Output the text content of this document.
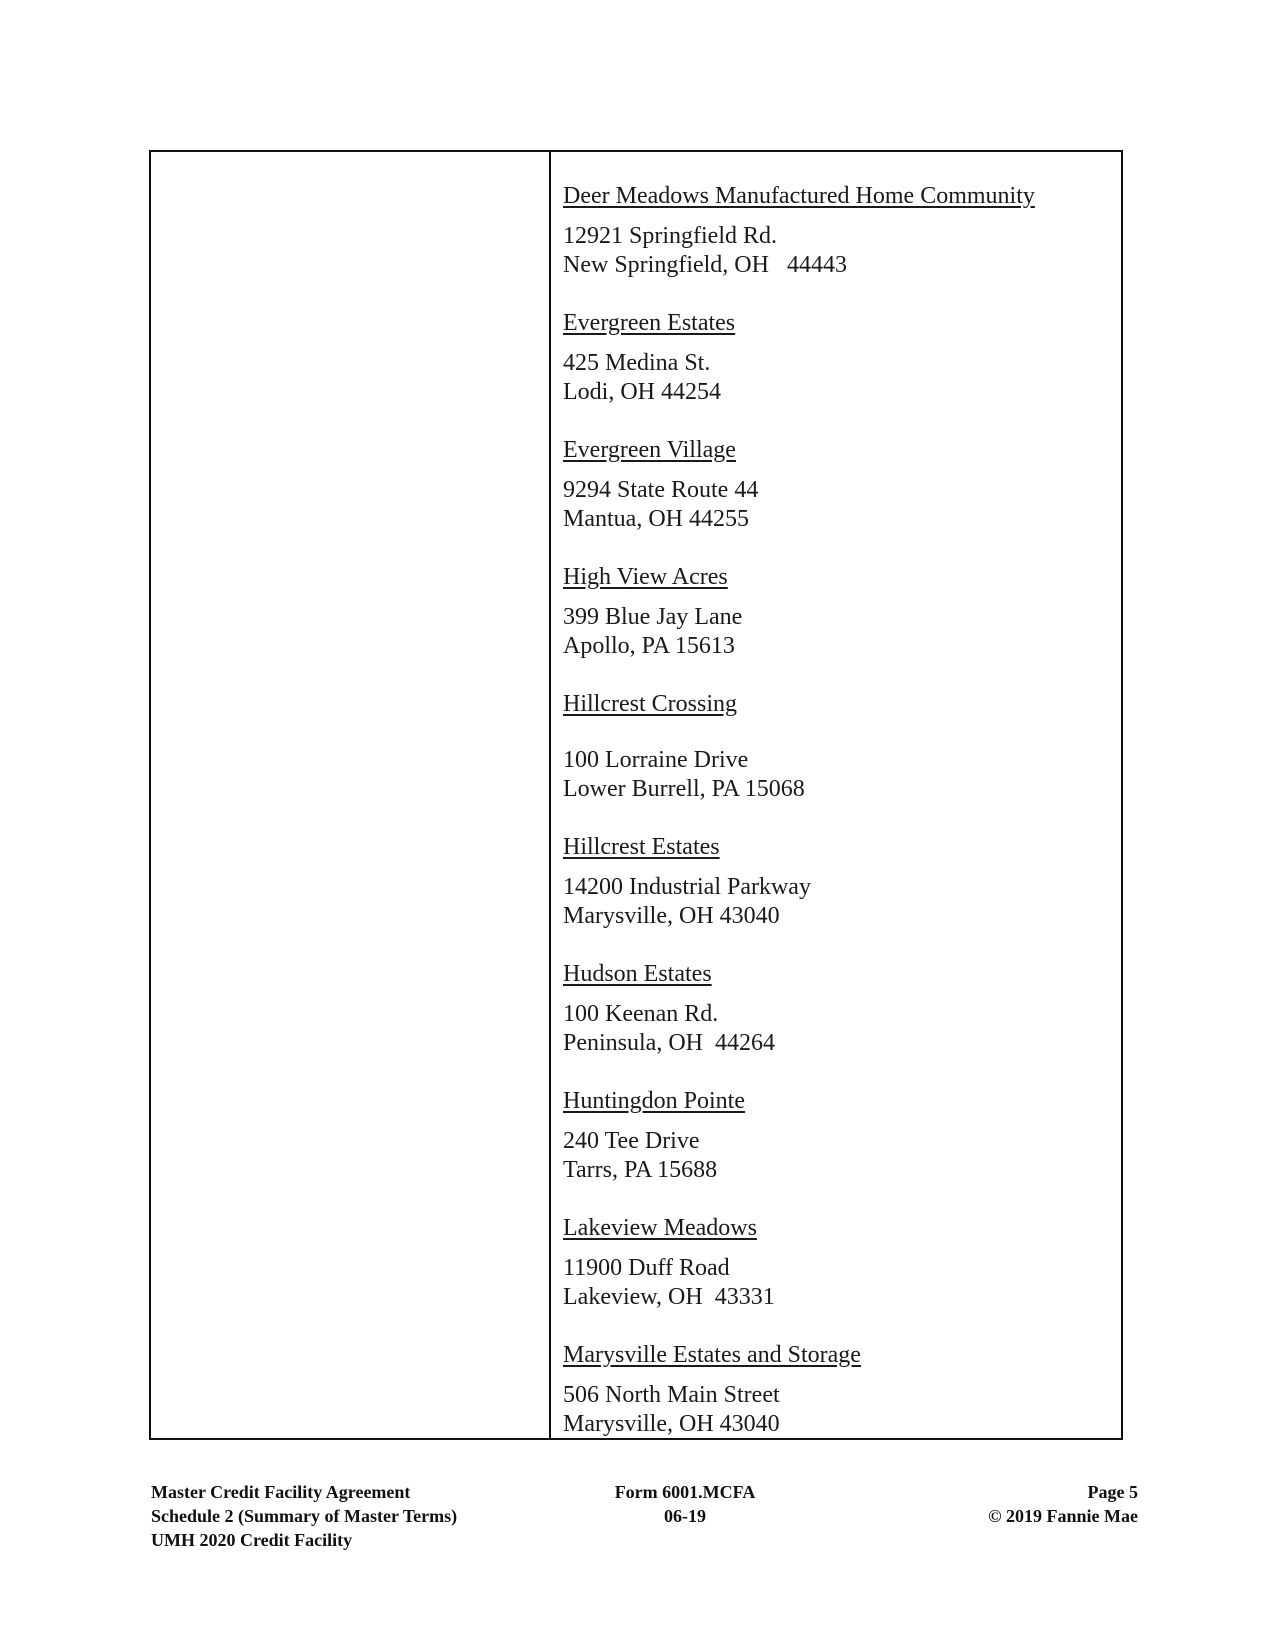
Deer Meadows Manufactured Home Community
12921 Springfield Rd.
New Springfield, OH   44443
Evergreen Estates
425 Medina St.
Lodi, OH 44254
Evergreen Village
9294 State Route 44
Mantua, OH 44255
High View Acres
399 Blue Jay Lane
Apollo, PA 15613
Hillcrest Crossing
100 Lorraine Drive
Lower Burrell, PA 15068
Hillcrest Estates
14200 Industrial Parkway
Marysville, OH 43040
Hudson Estates
100 Keenan Rd.
Peninsula, OH  44264
Huntingdon Pointe
240 Tee Drive
Tarrs, PA 15688
Lakeview Meadows
11900 Duff Road
Lakeview, OH  43331
Marysville Estates and Storage
506 North Main Street
Marysville, OH 43040
Master Credit Facility Agreement
Schedule 2 (Summary of Master Terms)
UMH 2020 Credit Facility
Form 6001.MCFA
06-19
Page 5
© 2019 Fannie Mae
